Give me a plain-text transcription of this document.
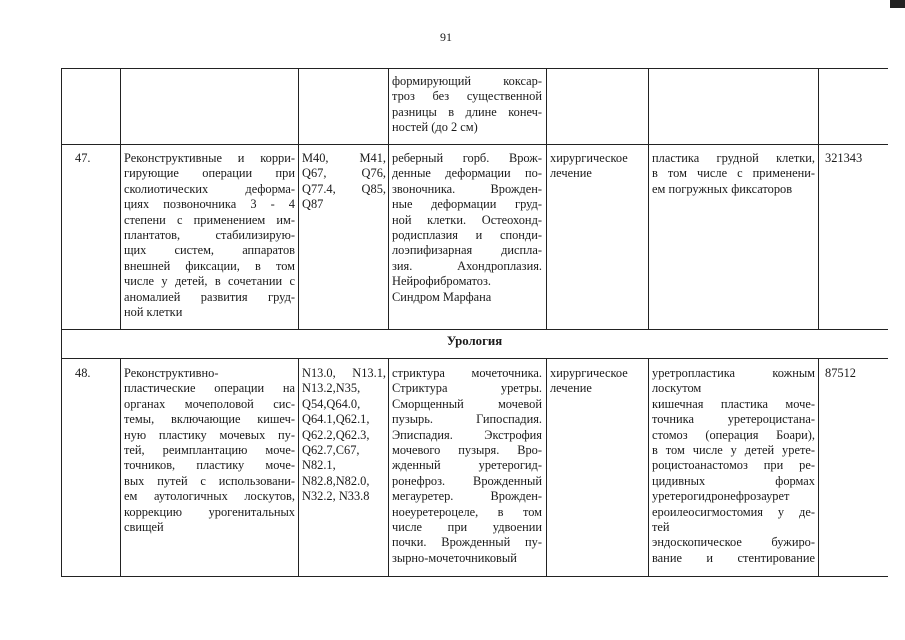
91
формирующий коксар-
троз без существенной
разницы в длине конеч-
ностей (до 2 см)
47.	Реконструктивные и корри-
гирующие операции при
сколиотических деформа-
циях позвоночника 3 - 4
степени с применением им-
плантатов, стабилизирую-
щих систем, аппаратов
внешней фиксации, в том
числе у детей, в сочетании с
аномалией развития груд-
ной клетки
M40, M41,
Q67, Q76,
Q77.4, Q85,
Q87
реберный горб. Врож-
денные деформации по-
звоночника. Врожден-
ные деформации груд-
ной клетки. Остеохонд-
родисплазия и спонди-
лоэпифизарная диспла-
зия. Ахондроплазия.
Нейрофиброматоз.
Синдром Марфана
хирургическое
лечение
пластика грудной клетки,
в том числе с применени-
ем погружных фиксаторов
321343
Урология
48.	Реконструктивно-
пластические операции на
органах мочеполовой сис-
темы, включающие кишеч-
ную пластику мочевых пу-
тей, реимплантацию моче-
точников, пластику моче-
вых путей с использовани-
ем аутологичных лоскутов,
коррекцию урогенитальных
свищей
N13.0, N13.1,
N13.2,N35,
Q54,Q64.0,
Q64.1,Q62.1,
Q62.2,Q62.3,
Q62.7,C67,
N82.1,
N82.8,N82.0,
N32.2, N33.8
стриктура мочеточника.
Стриктура уретры.
Сморщенный мочевой
пузырь. Гипоспадия.
Эписпадия. Экстрофия
мочевого пузыря. Вро-
жденный уретерогид-
ронефроз. Врожденный
мегауретер. Врожден-
ноеуретероцеле, в том
числе при удвоении
почки. Врожденный пу-
зырно-мочеточниковый
хирургическое
лечение
уретропластика кожным
лоскутом
кишечная пластика моче-
точника уретероцистана-
стомоз (операция Боари),
в том числе у детей урете-
роцистоанастомоз при ре-
цидивных формах
уретерогидронефрозаурет
ероилеосигмостомия у де-
тей
эндоскопическое бужиро-
вание и стентирование
87512
